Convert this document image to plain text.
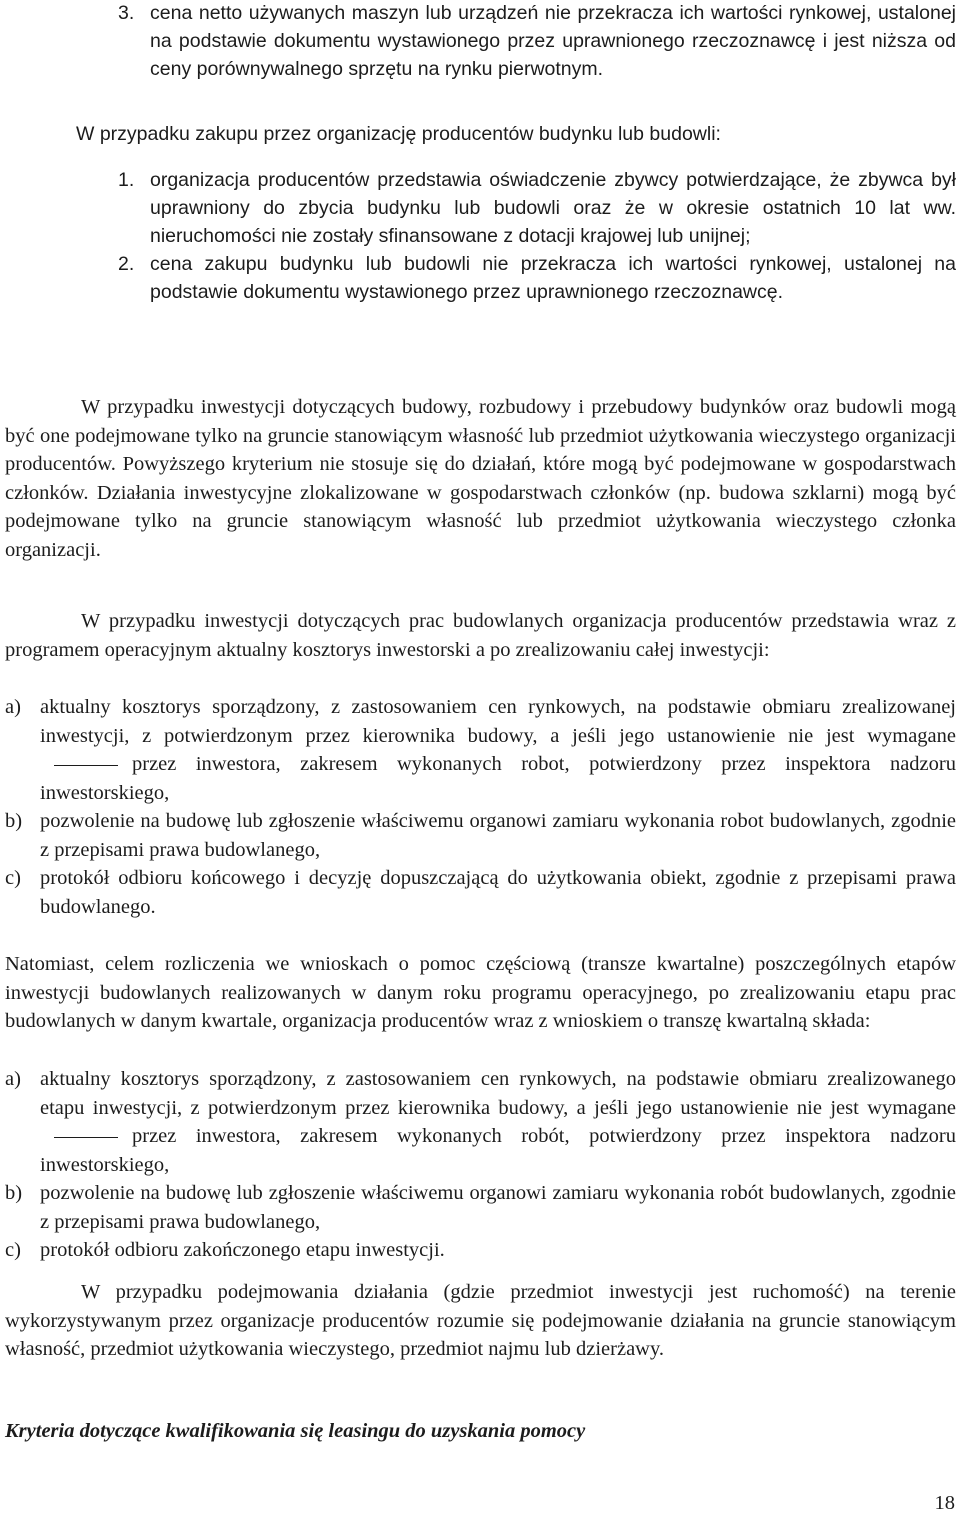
3. cena netto używanych maszyn lub urządzeń nie przekracza ich wartości rynkowej, ustalonej na podstawie dokumentu wystawionego przez uprawnionego rzeczoznawcę i jest niższa od ceny porównywalnego sprzętu na rynku pierwotnym.

W przypadku zakupu przez organizację producentów budynku lub budowli:

1. organizacja producentów przedstawia oświadczenie zbywcy potwierdzające, że zbywca był uprawniony do zbycia budynku lub budowli oraz że w okresie ostatnich 10 lat ww. nieruchomości nie zostały sfinansowane z dotacji krajowej lub unijnej;
2. cena zakupu budynku lub budowli nie przekracza ich wartości rynkowej, ustalonej na podstawie dokumentu wystawionego przez uprawnionego rzeczoznawcę.

W przypadku inwestycji dotyczących budowy, rozbudowy i przebudowy budynków oraz budowli mogą być one podejmowane tylko na gruncie stanowiącym własność lub przedmiot użytkowania wieczystego organizacji producentów. Powyższego kryterium nie stosuje się do działań, które mogą być podejmowane w gospodarstwach członków. Działania inwestycyjne zlokalizowane w gospodarstwach członków (np. budowa szklarni) mogą być podejmowane tylko na gruncie stanowiącym własność lub przedmiot użytkowania wieczystego członka organizacji.

W przypadku inwestycji dotyczących prac budowlanych organizacja producentów przedstawia wraz z programem operacyjnym aktualny kosztorys inwestorski a po zrealizowaniu całej inwestycji:

a) aktualny kosztorys sporządzony, z zastosowaniem cen rynkowych, na podstawie obmiaru zrealizowanej inwestycji, z potwierdzonym przez kierownika budowy, a jeśli jego ustanowienie nie jest wymaganeprzez inwestora, zakresem wykonanych robot, potwierdzony przez inspektora nadzoru inwestorskiego,
b) pozwolenie na budowę lub zgłoszenie właściwemu organowi zamiaru wykonania robot budowlanych, zgodnie z przepisami prawa budowlanego,
c) protokół odbioru końcowego i decyzję dopuszczającą do użytkowania obiekt, zgodnie z przepisami prawa budowlanego.

Natomiast, celem rozliczenia we wnioskach o pomoc częściową (transze kwartalne) poszczególnych etapów inwestycji budowlanych realizowanych w danym roku programu operacyjnego, po zrealizowaniu etapu prac budowlanych w danym kwartale, organizacja producentów wraz z wnioskiem o transzę kwartalną składa:

a) aktualny kosztorys sporządzony, z zastosowaniem cen rynkowych, na podstawie obmiaru zrealizowanego etapu inwestycji, z potwierdzonym przez kierownika budowy, a jeśli jego ustanowienie nie jest wymaganeprzez inwestora, zakresem wykonanych robót, potwierdzony przez inspektora nadzoru inwestorskiego,
b) pozwolenie na budowę lub zgłoszenie właściwemu organowi zamiaru wykonania robót budowlanych, zgodnie z przepisami prawa budowlanego,
c) protokół odbioru zakończonego etapu inwestycji.

W przypadku podejmowania działania (gdzie przedmiot inwestycji jest ruchomość) na terenie wykorzystywanym przez organizacje producentów rozumie się podejmowanie działania na gruncie stanowiącym własność, przedmiot użytkowania wieczystego, przedmiot najmu lub dzierżawy.

Kryteria dotyczące kwalifikowania się leasingu do uzyskania pomocy

18
